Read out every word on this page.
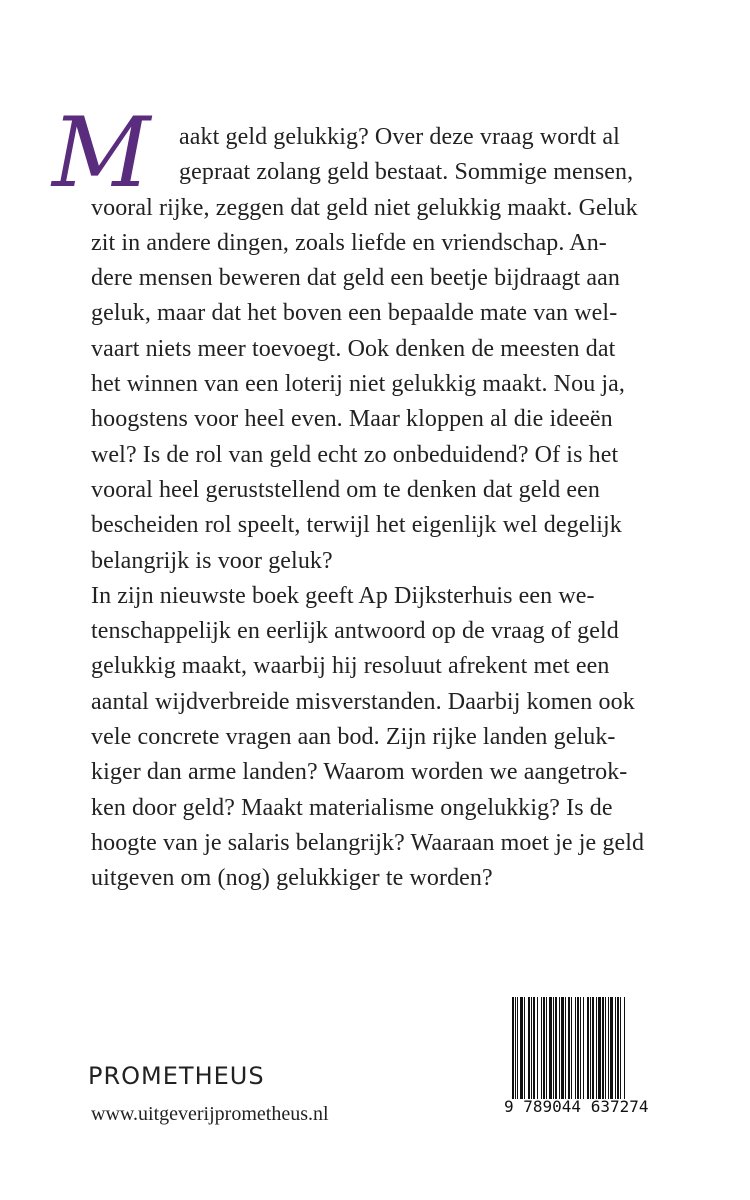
M	aakt geld gelukkig? Over deze vraag wordt al
gepraat zolang geld bestaat. Sommige mensen,
vooral rijke, zeggen dat geld niet gelukkig maakt. Geluk
zit in andere dingen, zoals liefde en vriendschap. An-
dere mensen beweren dat geld een beetje bijdraagt aan
geluk, maar dat het boven een bepaalde mate van wel-
vaart niets meer toevoegt. Ook denken de meesten dat
het winnen van een loterij niet gelukkig maakt. Nou ja,
hoogstens voor heel even. Maar kloppen al die ideeën
wel? Is de rol van geld echt zo onbeduidend? Of is het
vooral heel geruststellend om te denken dat geld een
bescheiden rol speelt, terwijl het eigenlijk wel degelijk
belangrijk is voor geluk?
In zijn nieuwste boek geeft Ap Dijksterhuis een we-
tenschappelijk en eerlijk antwoord op de vraag of geld
gelukkig maakt, waarbij hij resoluut afrekent met een
aantal wijdverbreide misverstanden. Daarbij komen ook
vele concrete vragen aan bod. Zijn rijke landen geluk-
kiger dan arme landen? Waarom worden we aangetrok-
ken door geld? Maakt materialisme ongelukkig? Is de
hoogte van je salaris belangrijk? Waaraan moet je je geld
uitgeven om (nog) gelukkiger te worden?
PROMETHEUS
www.uitgeverijprometheus.nl	9 789044 637274
